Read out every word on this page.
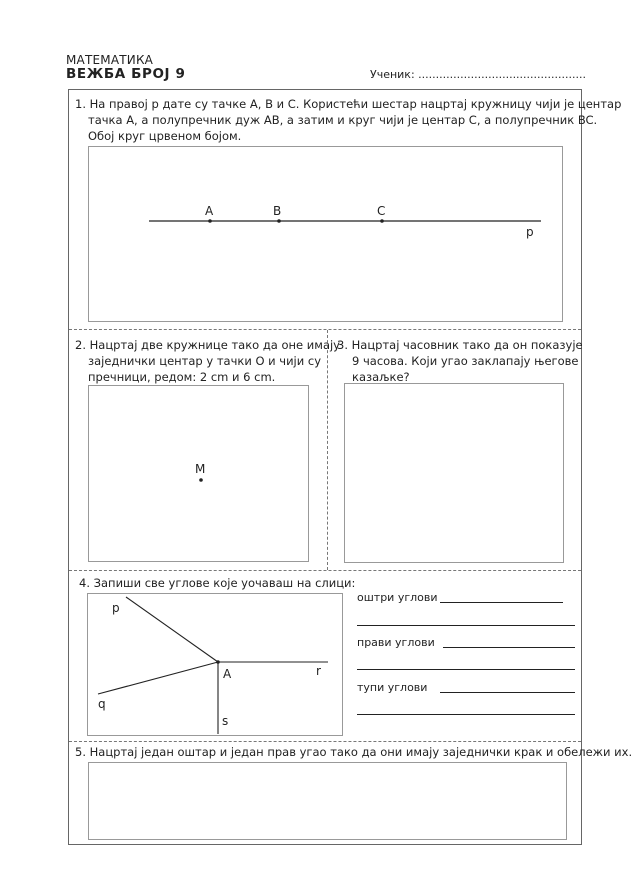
МАТЕМАТИКА
ВЕЖБА БРОЈ 9	Ученик: ................................................
1. На правој p дате су тачке A, B и C. Користећи шестар нацртај кружницу чији је центар
тачка A, а полупречник дуж AB, а затим и круг чији је центар C, а полупречник BC.
Обој круг црвеном бојом.
A	B	C
p
2. Нацртај две кружнице тако да оне имају
заједнички центар у тачки O и чији су
пречници, редом: 2 cm и 6 cm.
M
3. Нацртај часовник тако да он показује
9 часова. Који угао заклапају његове
казаљке?
4. Запиши све углове које уочаваш на слици:
p
q
r
s
A
оштри углови
прави углови
тупи углови
5. Нацртај један оштар и један прав угао тако да они имају заједнички крак и обележи их.
